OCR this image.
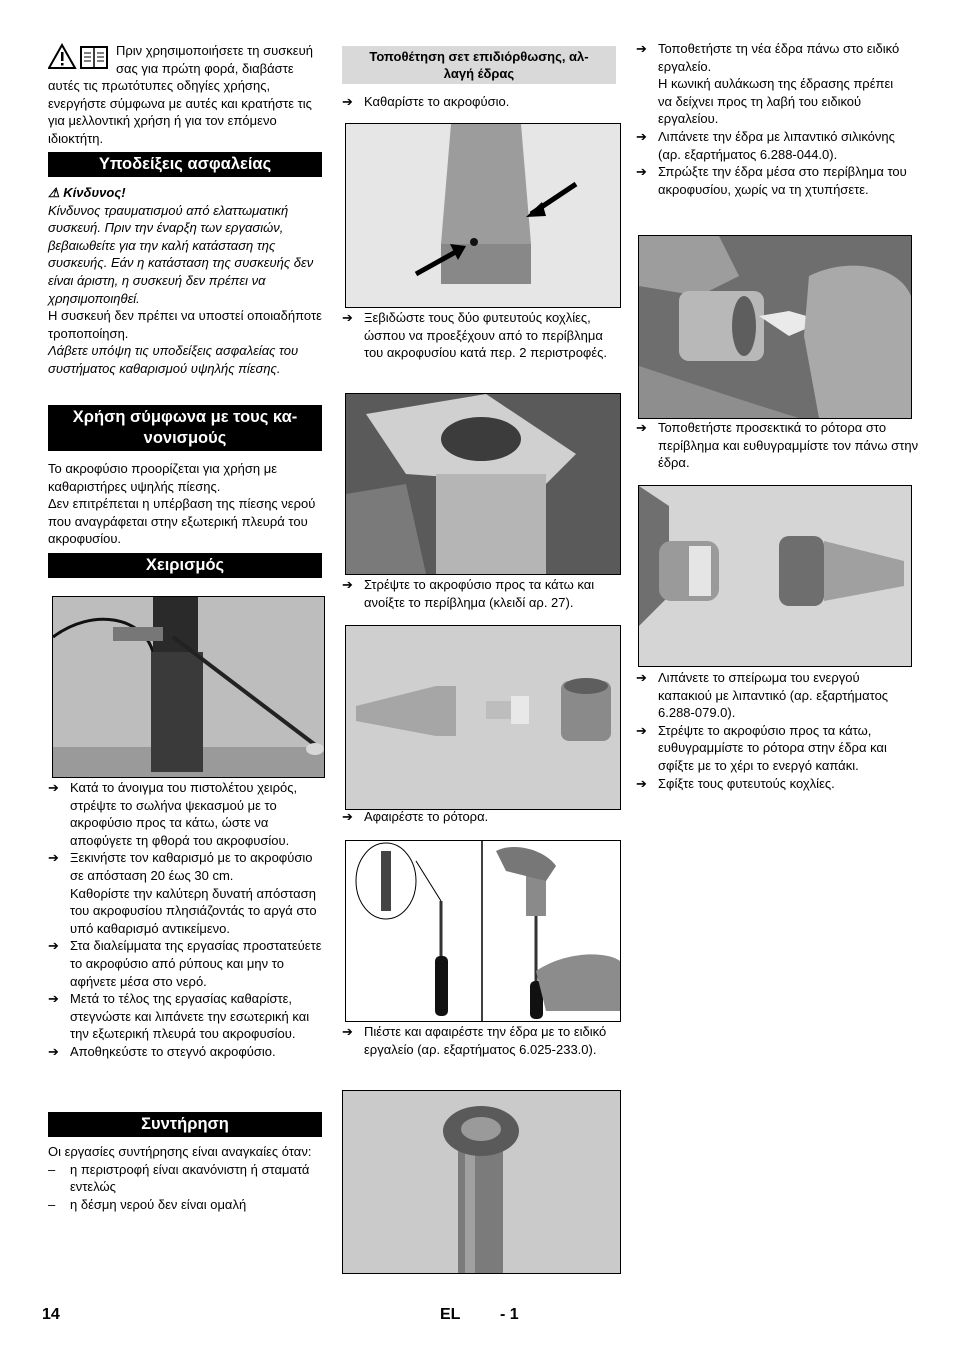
Πριν χρησιμοποιήσετε τη συσκευή σας για πρώτη φορά, διαβάστε αυτές τις πρωτότυπες οδηγίες χρήσης, ενεργήστε σύμφωνα με αυτές και κρατήστε τις για μελλοντική χρήση ή για τον επόμενο ιδιοκτήτη.

Υποδείξεις ασφαλείας

⚠ Κίνδυνος!

Κίνδυνος τραυματισμού από ελαττωματική συσκευή. Πριν την έναρξη των εργασιών, βεβαιωθείτε για την καλή κατάσταση της συσκευής. Εάν η κατάσταση της συσκευής δεν είναι άριστη, η συσκευή δεν πρέπει να χρησιμοποιηθεί.

Η συσκευή δεν πρέπει να υποστεί οποιαδήποτε τροποποίηση.

Λάβετε υπόψη τις υποδείξεις ασφαλείας του συστήματος καθαρισμού υψηλής πίεσης.

Χρήση σύμφωνα με τους κα-
νονισμούς

Το ακροφύσιο προορίζεται για χρήση με καθαριστήρες υψηλής πίεσης.

Δεν επιτρέπεται η υπέρβαση της πίεσης νερού που αναγράφεται στην εξωτερική πλευρά του ακροφυσίου.

Χειρισμός
➔ Κατά το άνοιγμα του πιστολέτου χειρός, στρέψτε το σωλήνα ψεκασμού με το ακροφύσιο προς τα κάτω, ώστε να αποφύγετε τη φθορά του ακροφυσίου.
➔ Ξεκινήστε τον καθαρισμό με το ακροφύσιο σε απόσταση 20 έως 30 cm.
Καθορίστε την καλύτερη δυνατή απόσταση του ακροφυσίου πλησιάζοντάς το αργά στο υπό καθαρισμό αντικείμενο.
➔ Στα διαλείμματα της εργασίας προστατεύετε το ακροφύσιο από ρύπους και μην το αφήνετε μέσα στο νερό.
➔ Μετά το τέλος της εργασίας καθαρίστε, στεγνώστε και λιπάνετε την εσωτερική και την εξωτερική πλευρά του ακροφυσίου.
➔ Αποθηκεύστε το στεγνό ακροφύσιο.
Συντήρηση

Οι εργασίες συντήρησης είναι αναγκαίες όταν:

– η περιστροφή είναι ακανόνιστη ή σταματά εντελώς
– η δέσμη νερού δεν είναι ομαλή
Τοποθέτηση σετ επιδιόρθωσης, αλ-
λαγή έδρας
➔ Καθαρίστε το ακροφύσιο.
➔ Ξεβιδώστε τους δύο φυτευτούς κοχλίες, ώσπου να προεξέχουν από το περίβλημα του ακροφυσίου κατά περ. 2 περιστροφές.
➔ Στρέψτε το ακροφύσιο προς τα κάτω και ανοίξτε το περίβλημα (κλειδί αρ. 27).
➔ Αφαιρέστε το ρότορα.
➔ Πιέστε και αφαιρέστε την έδρα με το ειδικό εργαλείο (αρ. εξαρτήματος 6.025-233.0).
➔ Τοποθετήστε τη νέα έδρα πάνω στο ειδικό εργαλείο.
Η κωνική αυλάκωση της έδρασης πρέπει να δείχνει προς τη λαβή του ειδικού εργαλείου.
➔ Λιπάνετε την έδρα με λιπαντικό σιλικόνης (αρ. εξαρτήματος 6.288-044.0).
➔ Σπρώξτε την έδρα μέσα στο περίβλημα του ακροφυσίου, χωρίς να τη χτυπήσετε.
➔ Τοποθετήστε προσεκτικά το ρότορα στο περίβλημα και ευθυγραμμίστε τον πάνω στην έδρα.
➔ Λιπάνετε το σπείρωμα του ενεργού καπακιού με λιπαντικό (αρ. εξαρτήματος 6.288-079.0).
➔ Στρέψτε το ακροφύσιο προς τα κάτω, ευθυγραμμίστε το ρότορα στην έδρα και σφίξτε με το χέρι το ενεργό καπάκι.
➔ Σφίξτε τους φυτευτούς κοχλίες.
14	EL - 1
